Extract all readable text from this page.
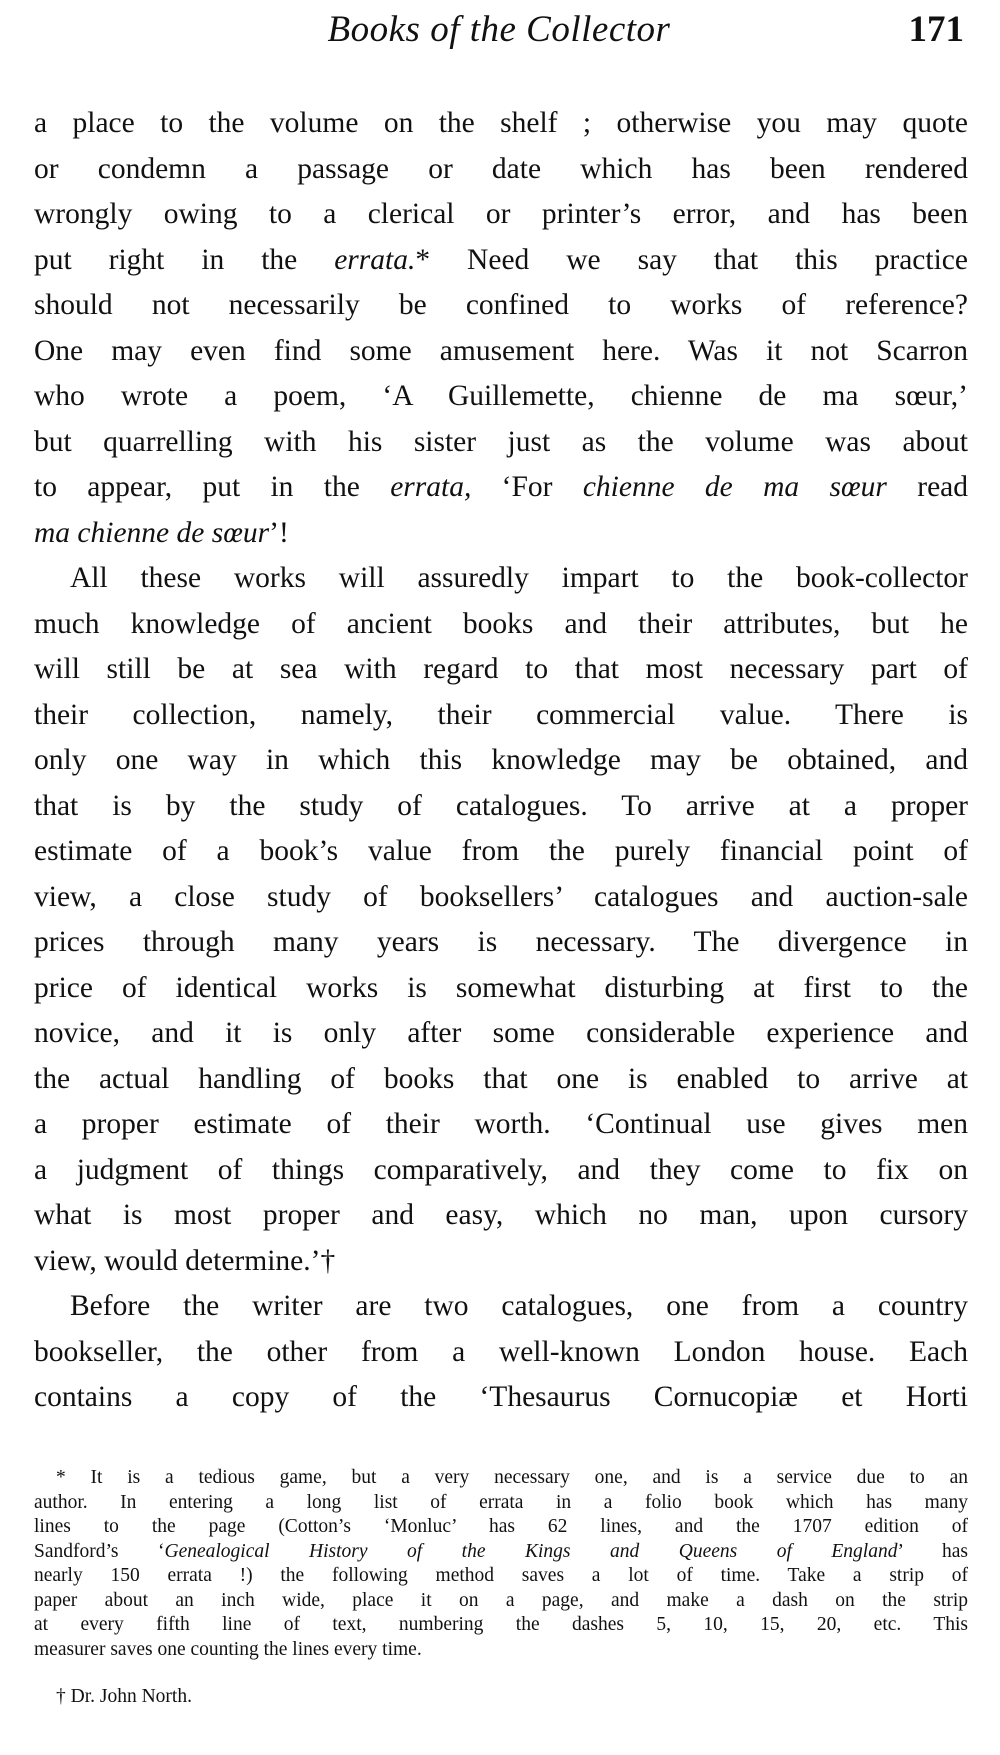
Books of the Collector	171
a place to the volume on the shelf ; otherwise you may quote
or condemn a passage or date which has been rendered
wrongly owing to a clerical or printer’s error, and has been
put right in the errata.* Need we say that this practice
should not necessarily be confined to works of reference?
One may even find some amusement here. Was it not Scarron
who wrote a poem, ‘A Guillemette, chienne de ma sœur,’
but quarrelling with his sister just as the volume was about
to appear, put in the errata, ‘For chienne de ma sœur read
ma chienne de sœur’!
All these works will assuredly impart to the book-collector
much knowledge of ancient books and their attributes, but he
will still be at sea with regard to that most necessary part of
their collection, namely, their commercial value. There is
only one way in which this knowledge may be obtained, and
that is by the study of catalogues. To arrive at a proper
estimate of a book’s value from the purely financial point of
view, a close study of booksellers’ catalogues and auction-sale
prices through many years is necessary. The divergence in
price of identical works is somewhat disturbing at first to the
novice, and it is only after some considerable experience and
the actual handling of books that one is enabled to arrive at
a proper estimate of their worth. ‘Continual use gives men
a judgment of things comparatively, and they come to fix on
what is most proper and easy, which no man, upon cursory
view, would determine.’†
Before the writer are two catalogues, one from a country
bookseller, the other from a well-known London house. Each
contains a copy of the ‘Thesaurus Cornucopiæ et Horti
* It is a tedious game, but a very necessary one, and is a service due to an
author. In entering a long list of errata in a folio book which has many
lines to the page (Cotton’s ‘Monluc’ has 62 lines, and the 1707 edition of
Sandford’s ‘Genealogical History of the Kings and Queens of England’ has
nearly 150 errata !) the following method saves a lot of time. Take a strip of
paper about an inch wide, place it on a page, and make a dash on the strip
at every fifth line of text, numbering the dashes 5, 10, 15, 20, etc. This
measurer saves one counting the lines every time.
† Dr. John North.
